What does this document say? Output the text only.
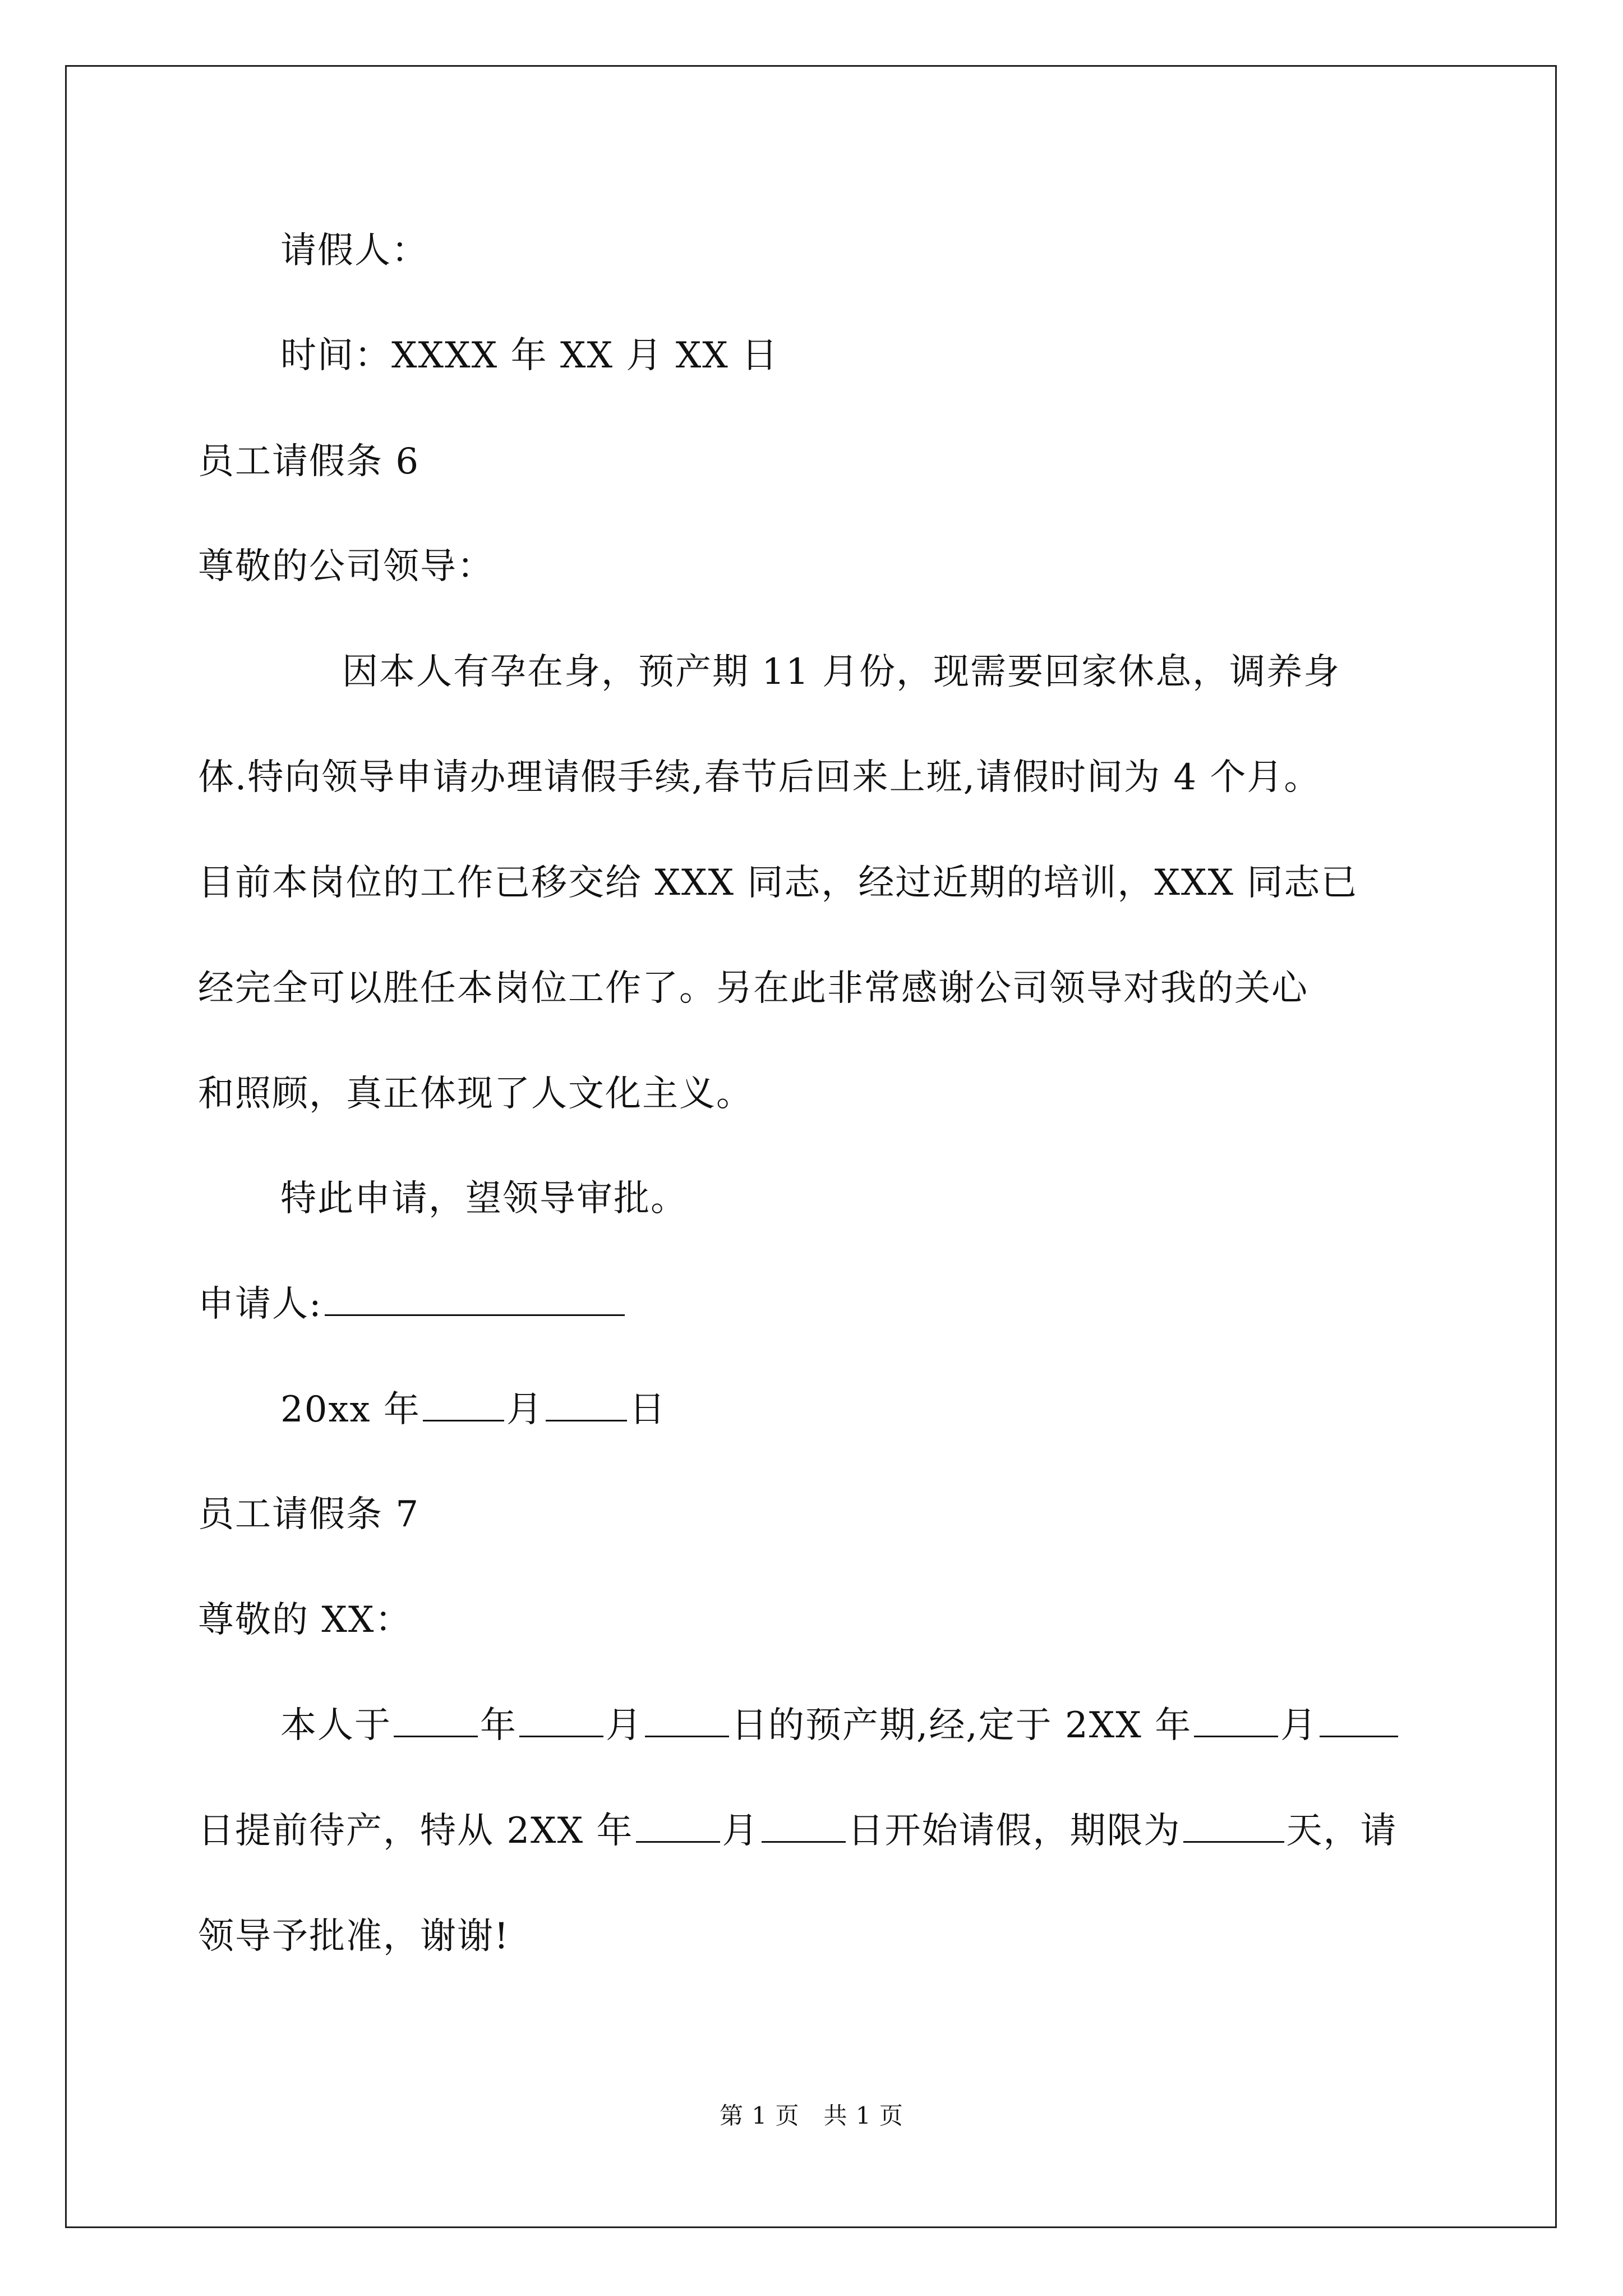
请假人：
时间：XXXX 年 XX 月 XX 日
员工请假条 6
尊敬的公司领导：
因本人有孕在身，预产期 11 月份，现需要回家休息，调养身
体.特向领导申请办理请假手续,春节后回来上班,请假时间为 4 个月。
目前本岗位的工作已移交给 XXX 同志，经过近期的培训，XXX 同志已
经完全可以胜任本岗位工作了。另在此非常感谢公司领导对我的关心
和照顾，真正体现了人文化主义。
特此申请，望领导审批。
申请人:
20xx 年 月 日
员工请假条 7
尊敬的 XX：
本人于 年 月 日的预产期,经,定于 2XX 年 月
日提前待产，特从 2XX 年 月 日开始请假，期限为	天，请
领导予批准，谢谢!
第 1 页　共 1 页
